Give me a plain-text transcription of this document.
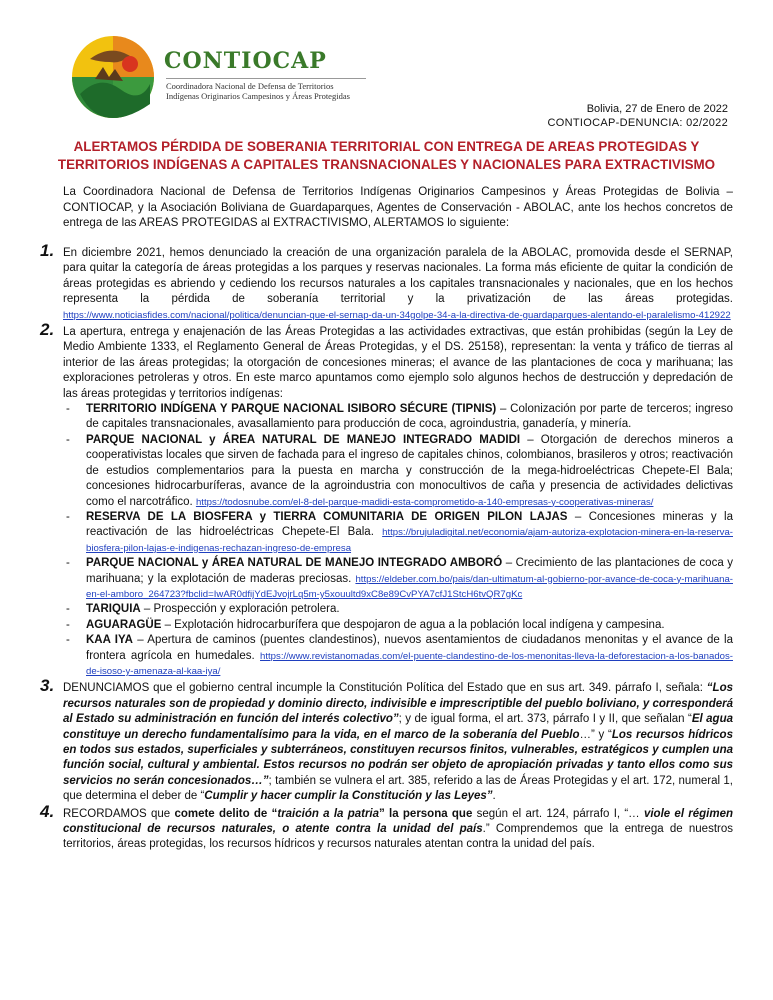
CONTIOCAP
Coordinadora Nacional de Defensa de Territorios
Indígenas Originarios Campesinos y Áreas Protegidas
Bolivia, 27 de Enero de 2022
CONTIOCAP-DENUNCIA: 02/2022
ALERTAMOS PÉRDIDA DE SOBERANIA TERRITORIAL CON ENTREGA DE AREAS PROTEGIDAS Y
TERRITORIOS INDÍGENAS A CAPITALES TRANSNACIONALES Y NACIONALES PARA EXTRACTIVISMO
La Coordinadora Nacional de Defensa de Territorios Indígenas Originarios Campesinos y Áreas Protegidas de Bolivia – CONTIOCAP, y la Asociación Boliviana de Guardaparques, Agentes de Conservación - ABOLAC, ante los hechos concretos de entrega de las AREAS PROTEGIDAS al EXTRACTIVISMO, ALERTAMOS lo siguiente:
1. En diciembre 2021, hemos denunciado la creación de una organización paralela de la ABOLAC, promovida desde el SERNAP, para quitar la categoría de áreas protegidas a los parques y reservas nacionales. La forma más eficiente de quitar la condición de áreas protegidas es abriendo y cediendo los recursos naturales a los capitales transnacionales y nacionales, que en los hechos representa la pérdida de soberanía territorial y la privatización de las áreas protegidas. https://www.noticiasfides.com/nacional/politica/denuncian-que-el-sernap-da-un-34golpe-34-a-la-directiva-de-guardaparques-alentando-el-paralelismo-412922
2. La apertura, entrega y enajenación de las Áreas Protegidas a las actividades extractivas, que están prohibidas (según la Ley de Medio Ambiente 1333, el Reglamento General de Áreas Protegidas, y el DS. 25158), representan: la venta y tráfico de tierras al interior de las áreas protegidas; la otorgación de concesiones mineras; el avance de las plantaciones de coca y marihuana; las exploraciones petroleras y otros. En este marco apuntamos como ejemplo solo algunos hechos de destrucción y depredación de las áreas protegidas y territorios indígenas:
- TERRITORIO INDÍGENA Y PARQUE NACIONAL ISIBORO SÉCURE (TIPNIS) – Colonización por parte de terceros; ingreso de capitales transnacionales, avasallamiento para producción de coca, agroindustria, ganadería, y minería.
- PARQUE NACIONAL y ÁREA NATURAL DE MANEJO INTEGRADO MADIDI – Otorgación de derechos mineros a cooperativistas locales que sirven de fachada para el ingreso de capitales chinos, colombianos, brasileros y otros; reactivación de estudios complementarios para la puesta en marcha y construcción de la mega-hidroeléctricas Chepete-El Bala; concesiones hidrocarburíferas, avance de la agroindustria con monocultivos de caña y presencia de actividades delictivas como el narcotráfico. https://todosnube.com/el-8-del-parque-madidi-esta-comprometido-a-140-empresas-y-cooperativas-mineras/
- RESERVA DE LA BIOSFERA y TIERRA COMUNITARIA DE ORIGEN PILON LAJAS – Concesiones mineras y la reactivación de las hidroeléctricas Chepete-El Bala. https://brujuladigital.net/economia/ajam-autoriza-explotacion-minera-en-la-reserva-biosfera-pilon-lajas-e-indigenas-rechazan-ingreso-de-empresa
- PARQUE NACIONAL y ÁREA NATURAL DE MANEJO INTEGRADO AMBORÓ – Crecimiento de las plantaciones de coca y marihuana; y la explotación de maderas preciosas. https://eldeber.com.bo/pais/dan-ultimatum-al-gobierno-por-avance-de-coca-y-marihuana-en-el-amboro_264723?fbclid=IwAR0dfijYdEJvojrLq5m-y5xouultd9xC8e89CvPYA7cfJ1StcH6tvQR7gKc
- TARIQUIA – Prospección y exploración petrolera.
- AGUARAGÜE – Explotación hidrocarburífera que despojaron de agua a la población local indígena y campesina.
- KAA IYA – Apertura de caminos (puentes clandestinos), nuevos asentamientos de ciudadanos menonitas y el avance de la frontera agrícola en humedales. https://www.revistanomadas.com/el-puente-clandestino-de-los-menonitas-lleva-la-deforestacion-a-los-banados-de-isoso-y-amenaza-al-kaa-iya/
3. DENUNCIAMOS que el gobierno central incumple la Constitución Política del Estado que en sus art. 349. párrafo I, señala: “Los recursos naturales son de propiedad y dominio directo, indivisible e imprescriptible del pueblo boliviano, y corresponderá al Estado su administración en función del interés colectivo”; y de igual forma, el art. 373, párrafo I y II, que señalan “El agua constituye un derecho fundamentalísimo para la vida, en el marco de la soberanía del Pueblo…” y “Los recursos hídricos en todos sus estados, superficiales y subterráneos, constituyen recursos finitos, vulnerables, estratégicos y cumplen una función social, cultural y ambiental. Estos recursos no podrán ser objeto de apropiación privadas y tanto ellos como sus servicios no serán concesionados…”; también se vulnera el art. 385, referido a las de Áreas Protegidas y el art. 172, numeral 1, que determina el deber de “Cumplir y hacer cumplir la Constitución y las Leyes”.
4. RECORDAMOS que comete delito de “traición a la patria” la persona que según el art. 124, párrafo I, “… viole el régimen constitucional de recursos naturales, o atente contra la unidad del país.” Comprendemos que la entrega de nuestros territorios, áreas protegidas, los recursos hídricos y recursos naturales atentan contra la unidad del país.
